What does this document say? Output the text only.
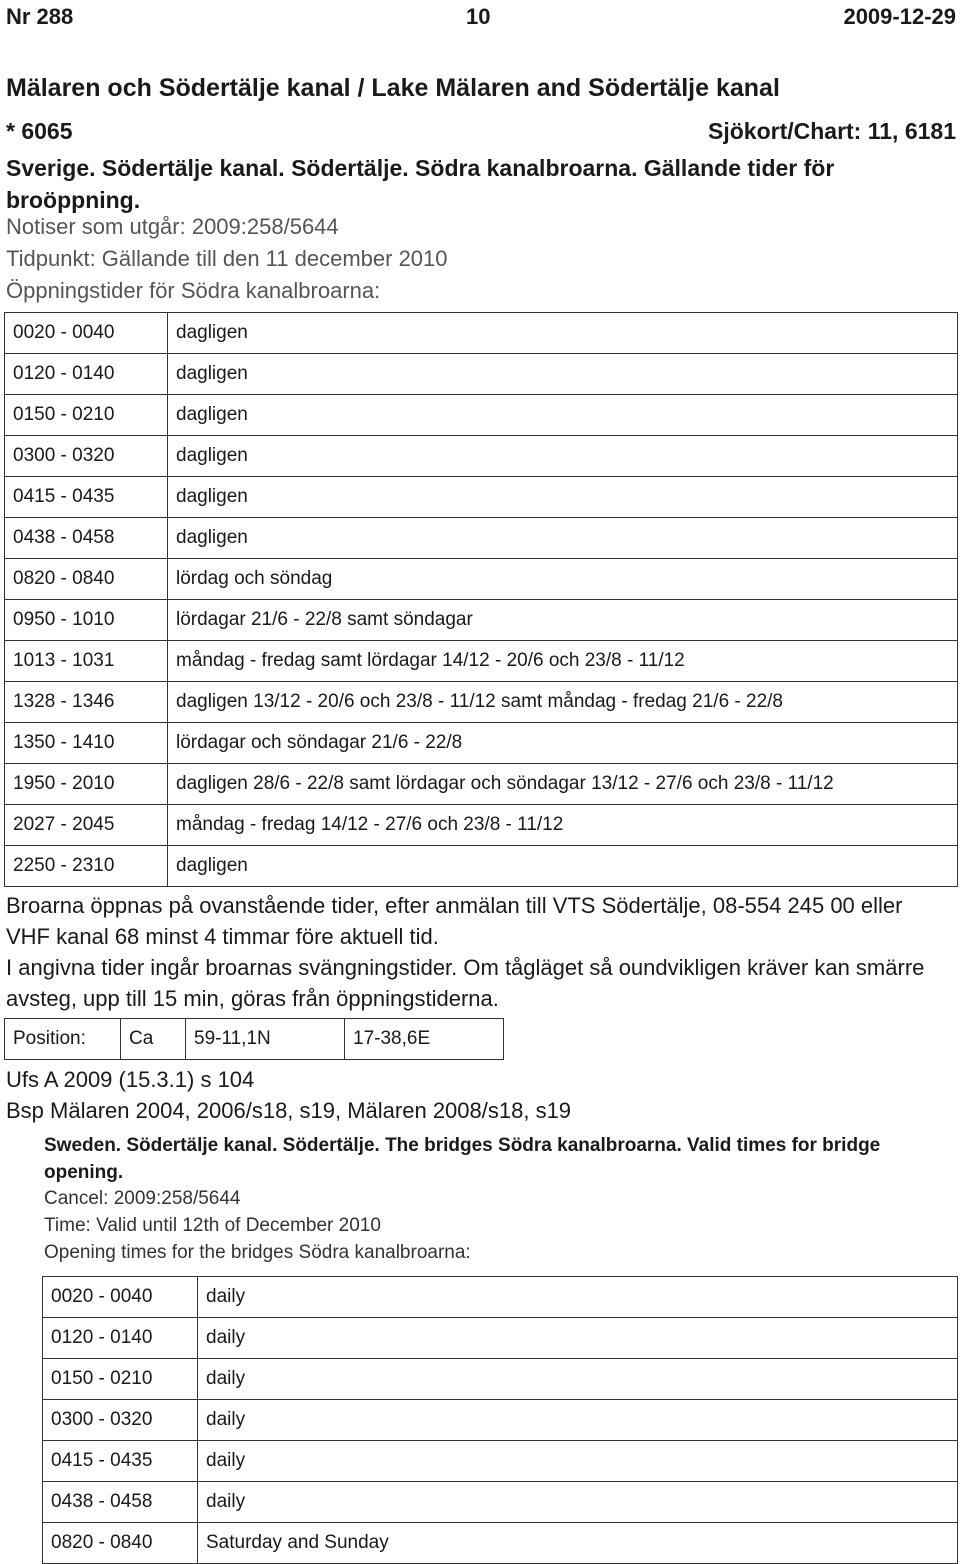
Nr 288	10	2009-12-29
Mälaren och Södertälje kanal / Lake Mälaren and Södertälje kanal
* 6065	Sjökort/Chart: 11, 6181
Sverige. Södertälje kanal. Södertälje. Södra kanalbroarna. Gällande tider för broöppning.
Notiser som utgår: 2009:258/5644
Tidpunkt: Gällande till den 11 december 2010
Öppningstider för Södra kanalbroarna:
0020 - 0040	dagligen
0120 - 0140	dagligen
0150 - 0210	dagligen
0300 - 0320	dagligen
0415 - 0435	dagligen
0438 - 0458	dagligen
0820 - 0840	lördag och söndag
0950 - 1010	lördagar 21/6 - 22/8 samt söndagar
1013 - 1031	måndag - fredag samt lördagar 14/12 - 20/6 och 23/8 - 11/12
1328 - 1346	dagligen 13/12 - 20/6 och 23/8 - 11/12 samt måndag - fredag 21/6 - 22/8
1350 - 1410	lördagar och söndagar 21/6 - 22/8
1950 - 2010	dagligen 28/6 - 22/8 samt lördagar och söndagar 13/12 - 27/6 och 23/8 - 11/12
2027 - 2045	måndag - fredag 14/12 - 27/6 och 23/8 - 11/12
2250 - 2310	dagligen
Broarna öppnas på ovanstående tider, efter anmälan till VTS Södertälje, 08-554 245 00 eller VHF kanal 68 minst 4 timmar före aktuell tid.
I angivna tider ingår broarnas svängningstider. Om tågläget så oundvikligen kräver kan smärre avsteg, upp till 15 min, göras från öppningstiderna.
Position:	Ca	59-11,1N	17-38,6E
Ufs A 2009 (15.3.1) s 104
Bsp Mälaren 2004, 2006/s18, s19, Mälaren 2008/s18, s19
Sweden. Södertälje kanal. Södertälje. The bridges Södra kanalbroarna. Valid times for bridge opening.
Cancel: 2009:258/5644
Time: Valid until 12th of December 2010
Opening times for the bridges Södra kanalbroarna:
0020 - 0040	daily
0120 - 0140	daily
0150 - 0210	daily
0300 - 0320	daily
0415 - 0435	daily
0438 - 0458	daily
0820 - 0840	Saturday and Sunday
